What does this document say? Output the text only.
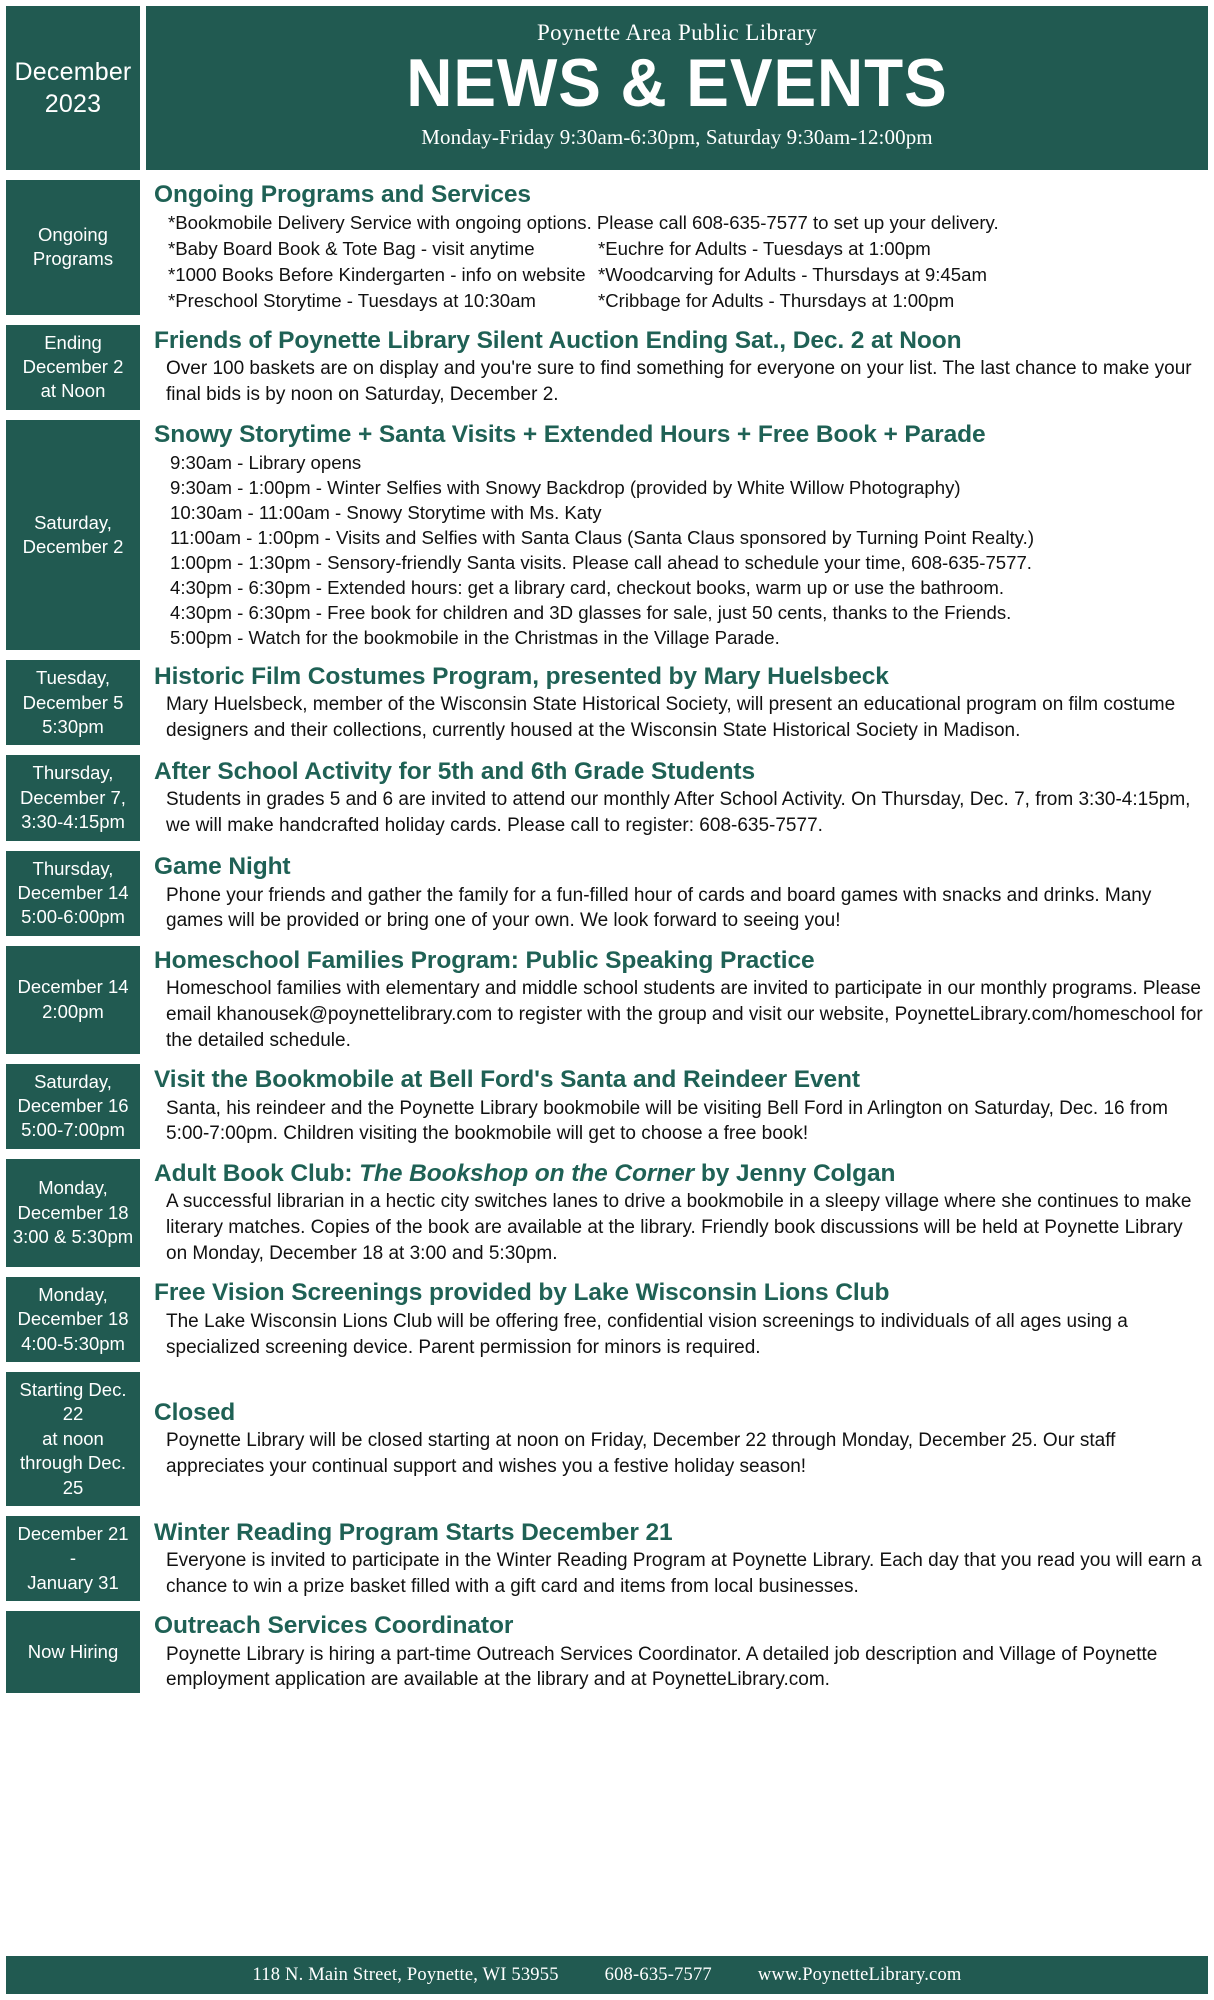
December
2023
Poynette Area Public Library
NEWS & EVENTS
Monday-Friday 9:30am-6:30pm, Saturday 9:30am-12:00pm
Ongoing
Programs
Ongoing Programs and Services
*Bookmobile Delivery Service with ongoing options. Please call 608-635-7577 to set up your delivery.
*Baby Board Book & Tote Bag - visit anytime	*Euchre for Adults - Tuesdays at 1:00pm
*1000 Books Before Kindergarten - info on website *Woodcarving for Adults - Thursdays at 9:45am
*Preschool Storytime - Tuesdays at 10:30am	*Cribbage for Adults - Thursdays at 1:00pm
Ending
December 2
at Noon
Friends of Poynette Library Silent Auction Ending Sat., Dec. 2 at Noon
Over 100 baskets are on display and you're sure to find something for everyone on your list. The last chance to make your final bids is by noon on Saturday, December 2.
Saturday,
December 2
Snowy Storytime + Santa Visits + Extended Hours + Free Book + Parade
9:30am - Library opens
9:30am - 1:00pm - Winter Selfies with Snowy Backdrop (provided by White Willow Photography)
10:30am - 11:00am - Snowy Storytime with Ms. Katy
11:00am - 1:00pm - Visits and Selfies with Santa Claus (Santa Claus sponsored by Turning Point Realty.)
1:00pm - 1:30pm - Sensory-friendly Santa visits. Please call ahead to schedule your time, 608-635-7577.
4:30pm - 6:30pm - Extended hours: get a library card, checkout books, warm up or use the bathroom.
4:30pm - 6:30pm - Free book for children and 3D glasses for sale, just 50 cents, thanks to the Friends.
5:00pm - Watch for the bookmobile in the Christmas in the Village Parade.
Tuesday,
December 5
5:30pm
Historic Film Costumes Program, presented by Mary Huelsbeck
Mary Huelsbeck, member of the Wisconsin State Historical Society, will present an educational program on film costume designers and their collections, currently housed at the Wisconsin State Historical Society in Madison.
Thursday,
December 7,
3:30-4:15pm
After School Activity for 5th and 6th Grade Students
Students in grades 5 and 6 are invited to attend our monthly After School Activity. On Thursday, Dec. 7, from 3:30-4:15pm, we will make handcrafted holiday cards. Please call to register: 608-635-7577.
Thursday,
December 14
5:00-6:00pm
Game Night
Phone your friends and gather the family for a fun-filled hour of cards and board games with snacks and drinks. Many games will be provided or bring one of your own. We look forward to seeing you!
December 14
2:00pm
Homeschool Families Program: Public Speaking Practice
Homeschool families with elementary and middle school students are invited to participate in our monthly programs. Please email khanousek@poynettelibrary.com to register with the group and visit our website, PoynetteLibrary.com/homeschool for the detailed schedule.
Saturday,
December 16
5:00-7:00pm
Visit the Bookmobile at Bell Ford's Santa and Reindeer Event
Santa, his reindeer and the Poynette Library bookmobile will be visiting Bell Ford in Arlington on Saturday, Dec. 16 from 5:00-7:00pm. Children visiting the bookmobile will get to choose a free book!
Monday,
December 18
3:00 & 5:30pm
Adult Book Club: The Bookshop on the Corner by Jenny Colgan
A successful librarian in a hectic city switches lanes to drive a bookmobile in a sleepy village where she continues to make literary matches. Copies of the book are available at the library. Friendly book discussions will be held at Poynette Library on Monday, December 18 at 3:00 and 5:30pm.
Monday,
December 18
4:00-5:30pm
Free Vision Screenings provided by Lake Wisconsin Lions Club
The Lake Wisconsin Lions Club will be offering free, confidential vision screenings to individuals of all ages using a specialized screening device. Parent permission for minors is required.
Starting Dec. 22
at noon
through Dec. 25
Closed
Poynette Library will be closed starting at noon on Friday, December 22 through Monday, December 25. Our staff appreciates your continual support and wishes you a festive holiday season!
December 21
-
January 31
Winter Reading Program Starts December 21
Everyone is invited to participate in the Winter Reading Program at Poynette Library. Each day that you read you will earn a chance to win a prize basket filled with a gift card and items from local businesses.
Now Hiring
Outreach Services Coordinator
Poynette Library is hiring a part-time Outreach Services Coordinator. A detailed job description and Village of Poynette employment application are available at the library and at PoynetteLibrary.com.
118 N. Main Street, Poynette, WI 53955 608-635-7577 www.PoynetteLibrary.com
